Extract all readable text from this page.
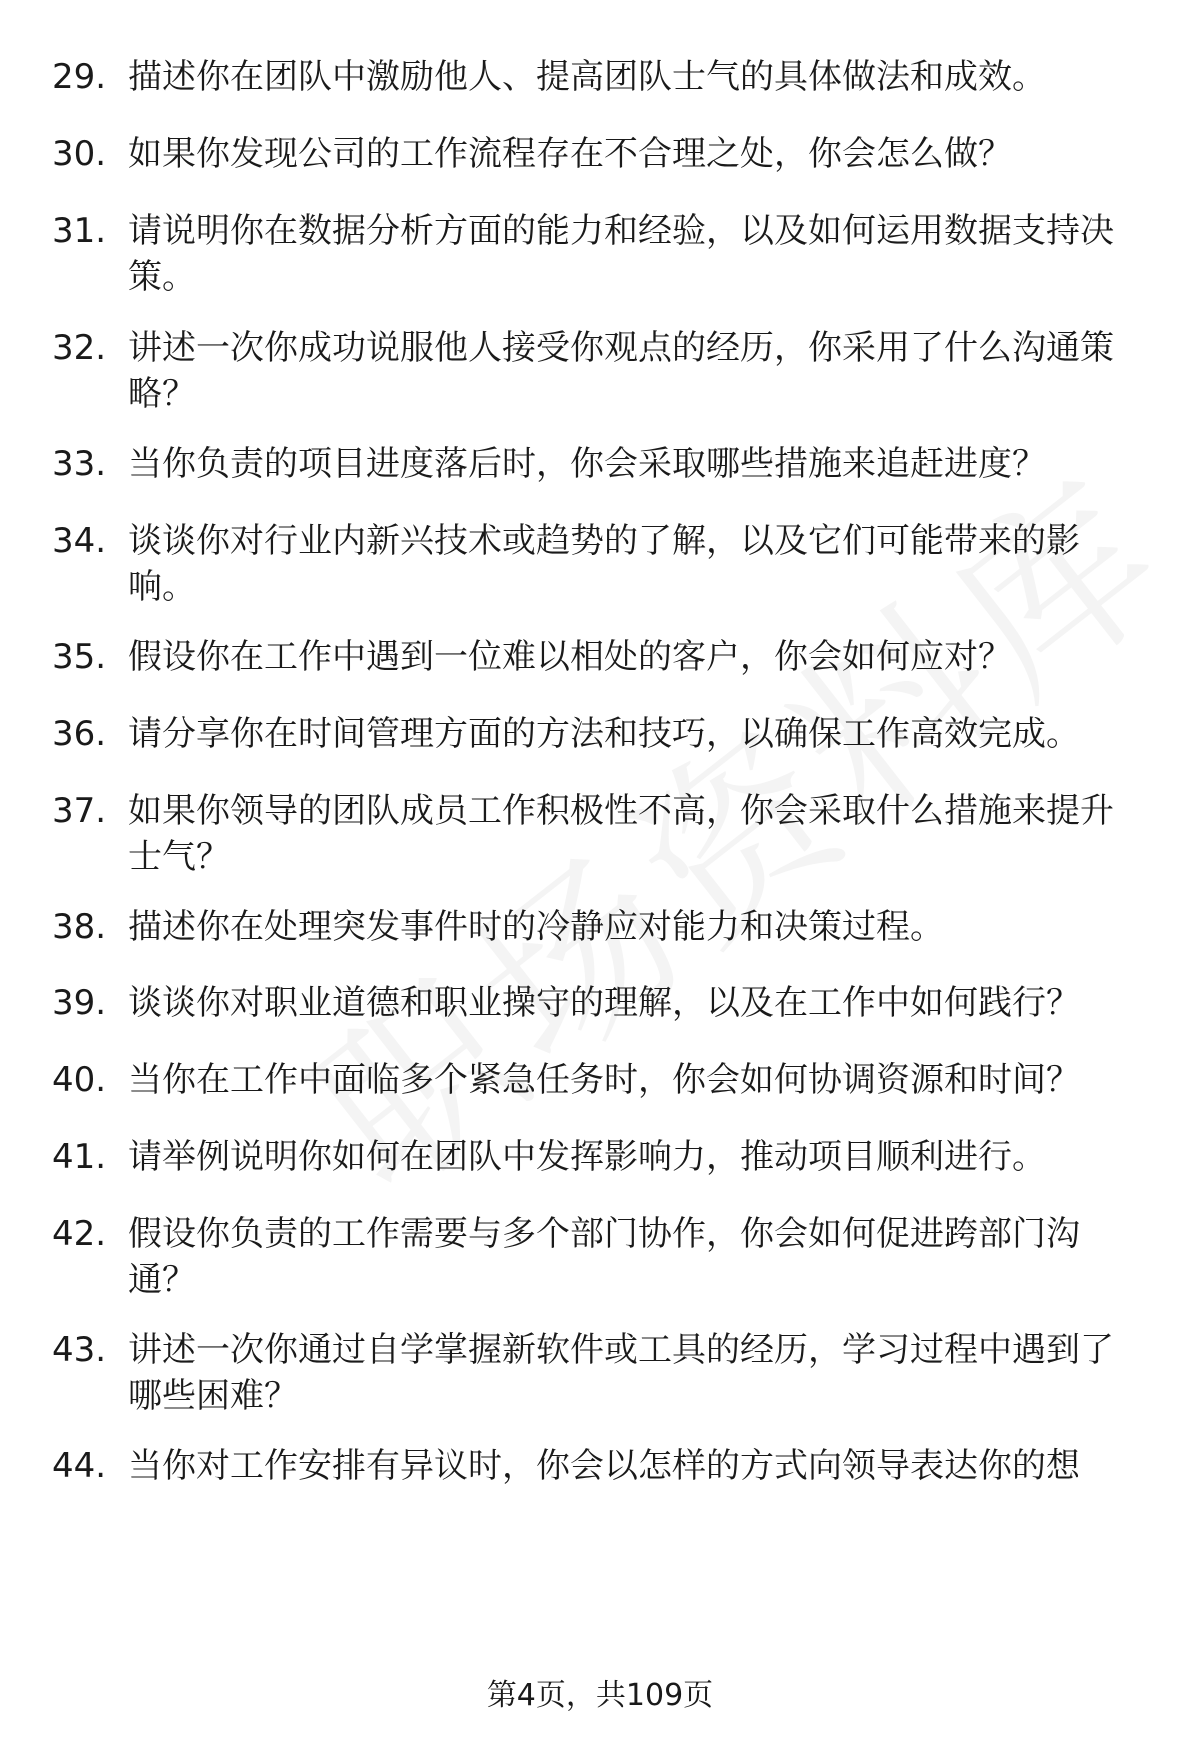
29. 描述你在团队中激励他人、提高团队士气的具体做法和成效。
30. 如果你发现公司的工作流程存在不合理之处，你会怎么做？
31. 请说明你在数据分析方面的能力和经验，以及如何运用数据支持决策。
32. 讲述一次你成功说服他人接受你观点的经历，你采用了什么沟通策略？
33. 当你负责的项目进度落后时，你会采取哪些措施来追赶进度？
34. 谈谈你对行业内新兴技术或趋势的了解，以及它们可能带来的影响。
35. 假设你在工作中遇到一位难以相处的客户，你会如何应对？
36. 请分享你在时间管理方面的方法和技巧，以确保工作高效完成。
37. 如果你领导的团队成员工作积极性不高，你会采取什么措施来提升士气？
38. 描述你在处理突发事件时的冷静应对能力和决策过程。
39. 谈谈你对职业道德和职业操守的理解，以及在工作中如何践行？
40. 当你在工作中面临多个紧急任务时，你会如何协调资源和时间？
41. 请举例说明你如何在团队中发挥影响力，推动项目顺利进行。
42. 假设你负责的工作需要与多个部门协作，你会如何促进跨部门沟通？
43. 讲述一次你通过自学掌握新软件或工具的经历，学习过程中遇到了哪些困难？
44. 当你对工作安排有异议时，你会以怎样的方式向领导表达你的想
第4页，共109页
